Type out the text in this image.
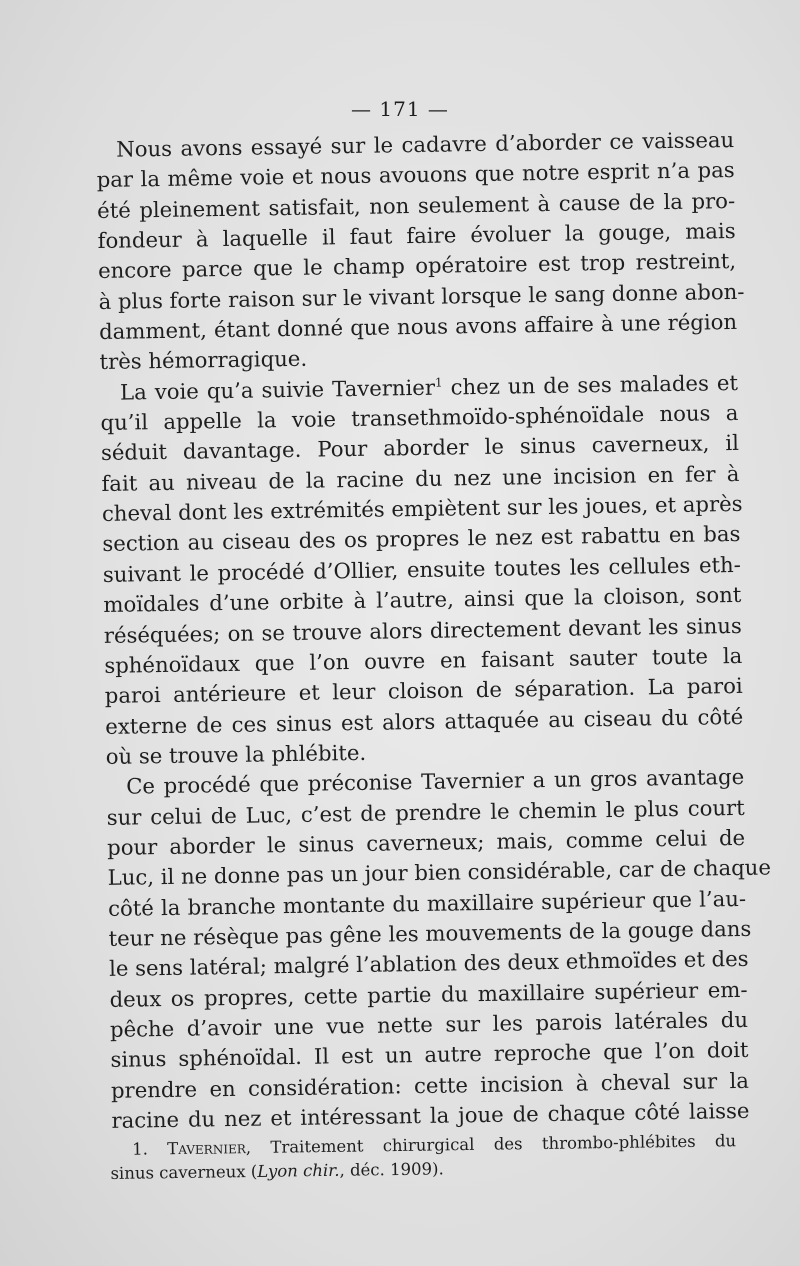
— 171 —
Nous avons essayé sur le cadavre d’aborder ce vaisseau
par la même voie et nous avouons que notre esprit n’a pas
été pleinement satisfait, non seulement à cause de la pro-
fondeur à laquelle il faut faire évoluer la gouge, mais
encore parce que le champ opératoire est trop restreint,
à plus forte raison sur le vivant lorsque le sang donne abon-
damment, étant donné que nous avons affaire à une région
très hémorragique.
La voie qu’a suivie Tavernier$^1$ chez un de ses malades et
qu’il appelle la voie transethmoïdo-sphénoïdale nous a
séduit davantage. Pour aborder le sinus caverneux, il
fait au niveau de la racine du nez une incision en fer à
cheval dont les extrémités empiètent sur les joues, et après
section au ciseau des os propres le nez est rabattu en bas
suivant le procédé d’Ollier, ensuite toutes les cellules eth-
moïdales d’une orbite à l’autre, ainsi que la cloison, sont
réséquées; on se trouve alors directement devant les sinus
sphénoïdaux que l’on ouvre en faisant sauter toute la
paroi antérieure et leur cloison de séparation. La paroi
externe de ces sinus est alors attaquée au ciseau du côté
où se trouve la phlébite.
Ce procédé que préconise Tavernier a un gros avantage
sur celui de Luc, c’est de prendre le chemin le plus court
pour aborder le sinus caverneux; mais, comme celui de
Luc, il ne donne pas un jour bien considérable, car de chaque
côté la branche montante du maxillaire supérieur que l’au-
teur ne résèque pas gêne les mouvements de la gouge dans
le sens latéral; malgré l’ablation des deux ethmoïdes et des
deux os propres, cette partie du maxillaire supérieur em-
pêche d’avoir une vue nette sur les parois latérales du
sinus sphénoïdal. Il est un autre reproche que l’on doit
prendre en considération: cette incision à cheval sur la
racine du nez et intéressant la joue de chaque côté laisse
1. Tavernier, Traitement chirurgical des thrombo-phlébites du
sinus caverneux (Lyon chir., déc. 1909).
